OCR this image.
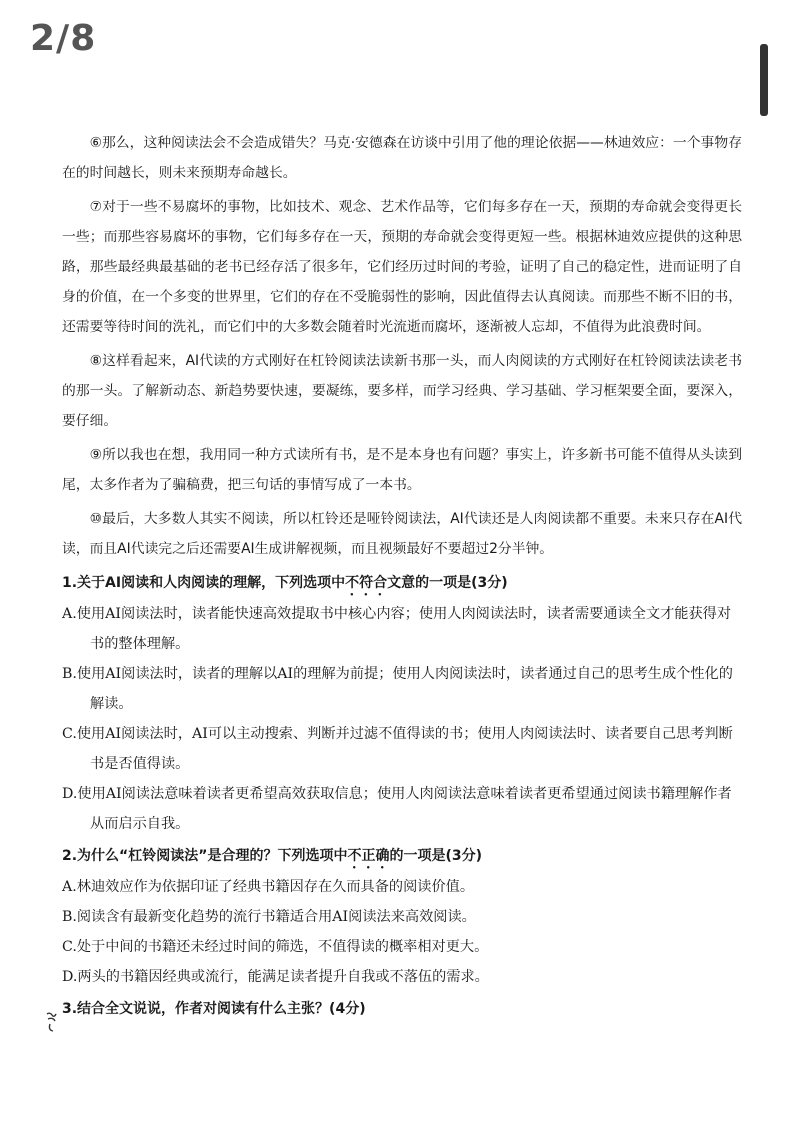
2/8

⑥那么，这种阅读法会不会造成错失？马克·安德森在访谈中引用了他的理论依据——林迪效应：一个事物存在的时间越长，则未来预期寿命越长。

⑦对于一些不易腐坏的事物，比如技术、观念、艺术作品等，它们每多存在一天，预期的寿命就会变得更长一些；而那些容易腐坏的事物，它们每多存在一天，预期的寿命就会变得更短一些。根据林迪效应提供的这种思路，那些最经典最基础的老书已经存活了很多年，它们经历过时间的考验，证明了自己的稳定性，进而证明了自身的价值，在一个多变的世界里，它们的存在不受脆弱性的影响，因此值得去认真阅读。而那些不断不旧的书，还需要等待时间的洗礼，而它们中的大多数会随着时光流逝而腐坏，逐渐被人忘却，不值得为此浪费时间。

⑧这样看起来，AI代读的方式刚好在杠铃阅读法读新书那一头，而人肉阅读的方式刚好在杠铃阅读法读老书的那一头。了解新动态、新趋势要快速，要凝练，要多样，而学习经典、学习基础、学习框架要全面，要深入，要仔细。

⑨所以我也在想，我用同一种方式读所有书，是不是本身也有问题？事实上，许多新书可能不值得从头读到尾，太多作者为了骗稿费，把三句话的事情写成了一本书。

⑩最后，大多数人其实不阅读，所以杠铃还是哑铃阅读法，AI代读还是人肉阅读都不重要。未来只存在AI代读，而且AI代读完之后还需要AI生成讲解视频，而且视频最好不要超过2分半钟。

1.关于AI阅读和人肉阅读的理解，下列选项中不符合文意的一项是(3分)

A.使用AI阅读法时，读者能快速高效提取书中核心内容；使用人肉阅读法时，读者需要通读全文才能获得对书的整体理解。

B.使用AI阅读法时，读者的理解以AI的理解为前提；使用人肉阅读法时，读者通过自己的思考生成个性化的解读。

C.使用AI阅读法时，AI可以主动搜索、判断并过滤不值得读的书；使用人肉阅读法时、读者要自己思考判断书是否值得读。

D.使用AI阅读法意味着读者更希望高效获取信息；使用人肉阅读法意味着读者更希望通过阅读书籍理解作者从而启示自我。

2.为什么“杠铃阅读法”是合理的？下列选项中不正确的一项是(3分)

A.林迪效应作为依据印证了经典书籍因存在久而具备的阅读价值。

B.阅读含有最新变化趋势的流行书籍适合用AI阅读法来高效阅读。

C.处于中间的书籍还未经过时间的筛选，不值得读的概率相对更大。

D.两头的书籍因经典或流行，能满足读者提升自我或不落伍的需求。

3.结合全文说说，作者对阅读有什么主张？(4分)
